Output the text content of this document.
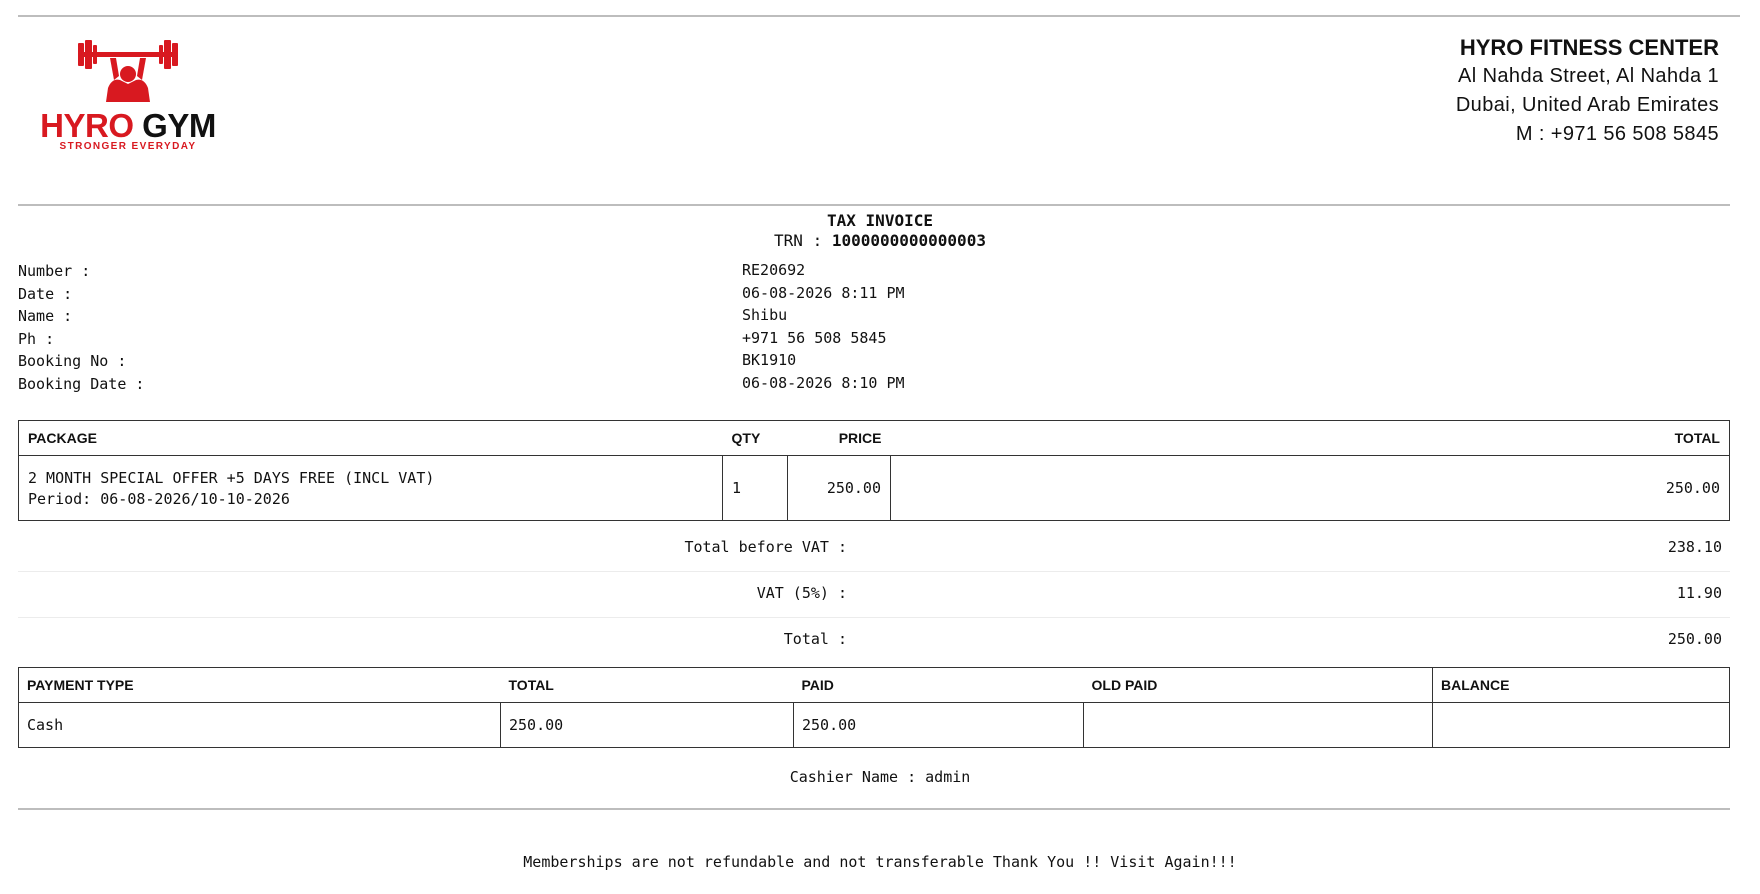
HYRO GYM
STRONGER EVERYDAY
HYRO FITNESS CENTER
Al Nahda Street, Al Nahda 1
Dubai, United Arab Emirates
M : +971 56 508 5845
TAX INVOICE
TRN : 1000000000000003
Number :	RE20692
Date :	06-08-2026 8:11 PM
Name :	Shibu
Ph :	+971 56 508 5845
Booking No :	BK1910
Booking Date :	06-08-2026 8:10 PM
PACKAGE	QTY	PRICE	TOTAL
2 MONTH SPECIAL OFFER +5 DAYS FREE (INCL VAT)
Period: 06-08-2026/10-10-2026	1	250.00	250.00
Total before VAT :	238.10
VAT (5%) :	11.90
Total :	250.00
PAYMENT TYPE	TOTAL	PAID	OLD PAID	BALANCE
Cash	250.00	250.00		
Cashier Name : admin
Memberships are not refundable and not transferable Thank You !! Visit Again!!!
